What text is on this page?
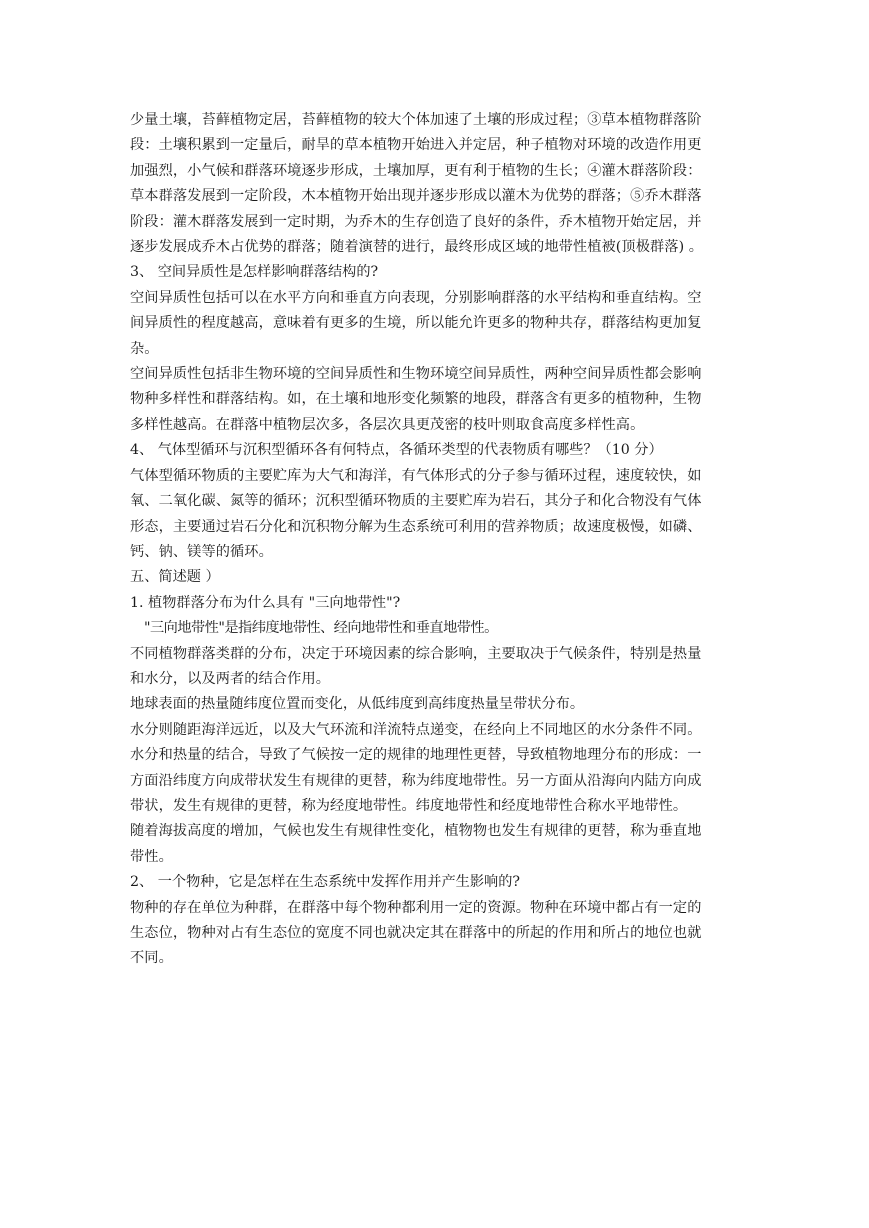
少量土壤，苔藓植物定居，苔藓植物的较大个体加速了土壤的形成过程；③草本植物群落阶
段：土壤积累到一定量后，耐旱的草本植物开始进入并定居，种子植物对环境的改造作用更
加强烈，小气候和群落环境逐步形成，土壤加厚，更有利于植物的生长；④灌木群落阶段：
草本群落发展到一定阶段，木本植物开始出现并逐步形成以灌木为优势的群落；⑤乔木群落
阶段：灌木群落发展到一定时期，为乔木的生存创造了良好的条件，乔木植物开始定居，并
逐步发展成乔木占优势的群落；随着演替的进行，最终形成区域的地带性植被(顶极群落) 。
3、 空间异质性是怎样影响群落结构的?
空间异质性包括可以在水平方向和垂直方向表现，分别影响群落的水平结构和垂直结构。空
间异质性的程度越高，意味着有更多的生境，所以能允许更多的物种共存，群落结构更加复
杂。
空间异质性包括非生物环境的空间异质性和生物环境空间异质性，两种空间异质性都会影响
物种多样性和群落结构。如，在土壤和地形变化频繁的地段，群落含有更多的植物种，生物
多样性越高。在群落中植物层次多，各层次具更茂密的枝叶则取食高度多样性高。
4、 气体型循环与沉积型循环各有何特点，各循环类型的代表物质有哪些？（10 分）
气体型循环物质的主要贮库为大气和海洋，有气体形式的分子参与循环过程，速度较快，如
氧、二氧化碳、氮等的循环；沉积型循环物质的主要贮库为岩石，其分子和化合物没有气体
形态，主要通过岩石分化和沉积物分解为生态系统可利用的营养物质；故速度极慢，如磷、
钙、钠、镁等的循环。
五、简述题 ）
1. 植物群落分布为什么具有 "三向地带性"?
"三向地带性"是指纬度地带性、经向地带性和垂直地带性。
不同植物群落类群的分布，决定于环境因素的综合影响，主要取决于气候条件，特别是热量
和水分，以及两者的结合作用。
地球表面的热量随纬度位置而变化，从低纬度到高纬度热量呈带状分布。
水分则随距海洋远近，以及大气环流和洋流特点递变，在经向上不同地区的水分条件不同。
水分和热量的结合，导致了气候按一定的规律的地理性更替，导致植物地理分布的形成：一
方面沿纬度方向成带状发生有规律的更替，称为纬度地带性。另一方面从沿海向内陆方向成
带状，发生有规律的更替，称为经度地带性。纬度地带性和经度地带性合称水平地带性。
随着海拔高度的增加，气候也发生有规律性变化，植物物也发生有规律的更替，称为垂直地
带性。
2、 一个物种，它是怎样在生态系统中发挥作用并产生影响的?
物种的存在单位为种群，在群落中每个物种都利用一定的资源。物种在环境中都占有一定的
生态位，物种对占有生态位的宽度不同也就决定其在群落中的所起的作用和所占的地位也就
不同。
